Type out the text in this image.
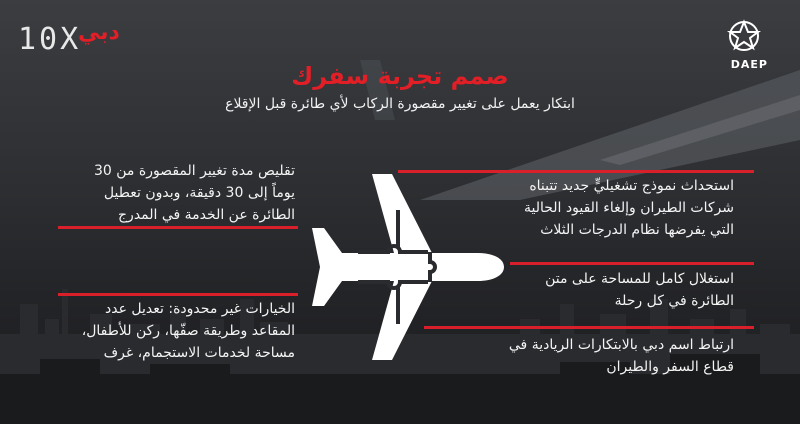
10X
دبي
DAEP
صمم تجربة سفرك
ابتكار يعمل على تغيير مقصورة الركاب لأي طائرة قبل الإقلاع
تقليص مدة تغيير المقصورة من 30
يوماً إلى 30 دقيقة، وبدون تعطيل
الطائرة عن الخدمة في المدرج
الخيارات غير محدودة: تعديل عدد
المقاعد وطريقة صفّها، ركن للأطفال،
مساحة لخدمات الاستجمام، غرف
استحداث نموذج تشغيليٍّ جديد تتبناه
شركات الطيران وإلغاء القيود الحالية
التي يفرضها نظام الدرجات الثلاث
استغلال كامل للمساحة على متن
الطائرة في كل رحلة
ارتباط اسم دبي بالابتكارات الريادية في
قطاع السفر والطيران
